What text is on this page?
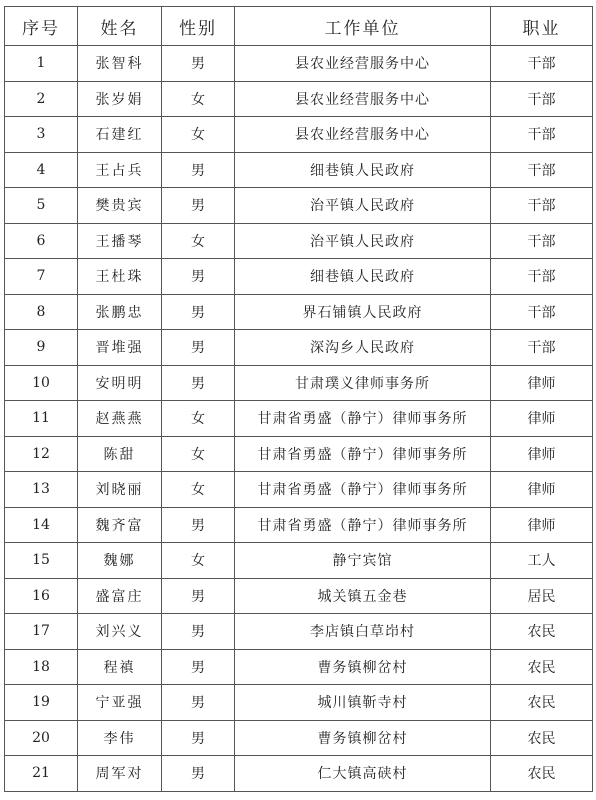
序号	姓名	性别	工作单位	职业
1	张智科	男	县农业经营服务中心	干部
2	张岁娟	女	县农业经营服务中心	干部
3	石建红	女	县农业经营服务中心	干部
4	王占兵	男	细巷镇人民政府	干部
5	樊贵宾	男	治平镇人民政府	干部
6	王播琴	女	治平镇人民政府	干部
7	王杜珠	男	细巷镇人民政府	干部
8	张鹏忠	男	界石铺镇人民政府	干部
9	晋堆强	男	深沟乡人民政府	干部
10	安明明	男	甘肃璞义律师事务所	律师
11	赵燕燕	女	甘肃省勇盛（静宁）律师事务所	律师
12	陈甜	女	甘肃省勇盛（静宁）律师事务所	律师
13	刘晓丽	女	甘肃省勇盛（静宁）律师事务所	律师
14	魏齐富	男	甘肃省勇盛（静宁）律师事务所	律师
15	魏娜	女	静宁宾馆	工人
16	盛富庄	男	城关镇五金巷	居民
17	刘兴义	男	李店镇白草岇村	农民
18	程禛	男	曹务镇柳岔村	农民
19	宁亚强	男	城川镇靳寺村	农民
20	李伟	男	曹务镇柳岔村	农民
21	周军对	男	仁大镇高硖村	农民
